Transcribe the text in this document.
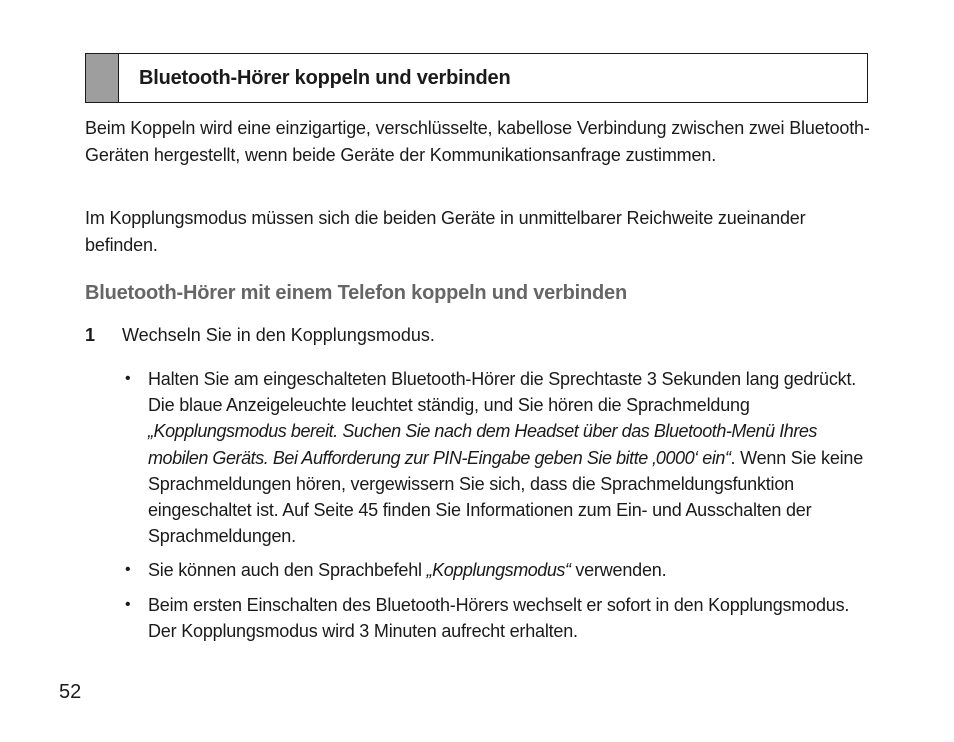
Bluetooth-Hörer koppeln und verbinden

Beim Koppeln wird eine einzigartige, verschlüsselte, kabellose Verbindung zwischen zwei Bluetooth-Geräten hergestellt, wenn beide Geräte der Kommunikationsanfrage zustimmen.

Im Kopplungsmodus müssen sich die beiden Geräte in unmittelbarer Reichweite zueinander befinden.

Bluetooth-Hörer mit einem Telefon koppeln und verbinden
1	Wechseln Sie in den Kopplungsmodus.
• Halten Sie am eingeschalteten Bluetooth-Hörer die Sprechtaste 3 Sekunden lang gedrückt. Die blaue Anzeigeleuchte leuchtet ständig, und Sie hören die Sprachmeldung „Kopplungsmodus bereit. Suchen Sie nach dem Headset über das Bluetooth-Menü Ihres mobilen Geräts. Bei Aufforderung zur PIN-Eingabe geben Sie bitte ‚0000‘ ein“. Wenn Sie keine Sprachmeldungen hören, vergewissern Sie sich, dass die Sprachmeldungsfunktion eingeschaltet ist. Auf Seite 45 finden Sie Informationen zum Ein- und Ausschalten der Sprachmeldungen.
• Sie können auch den Sprachbefehl „Kopplungsmodus“ verwenden.
• Beim ersten Einschalten des Bluetooth-Hörers wechselt er sofort in den Kopplungsmodus. Der Kopplungsmodus wird 3 Minuten aufrecht erhalten.
52
